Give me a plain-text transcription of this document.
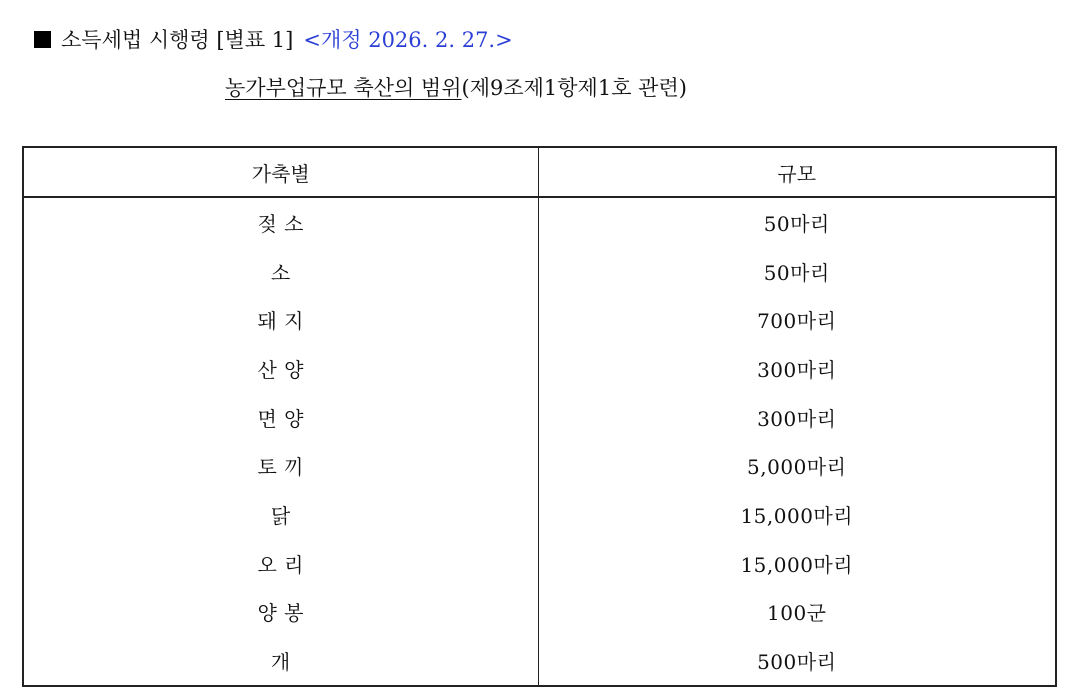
소득세법 시행령 [별표 1] <개정 2026. 2. 27.>
농가부업규모 축산의 범위 (제9조제1항제1호 관련)
가축별	규모
젖 소	50마리
소	50마리
돼 지	700마리
산 양	300마리
면 양	300마리
토 끼	5,000마리
닭	15,000마리
오 리	15,000마리
양 봉	100군
개	500마리
